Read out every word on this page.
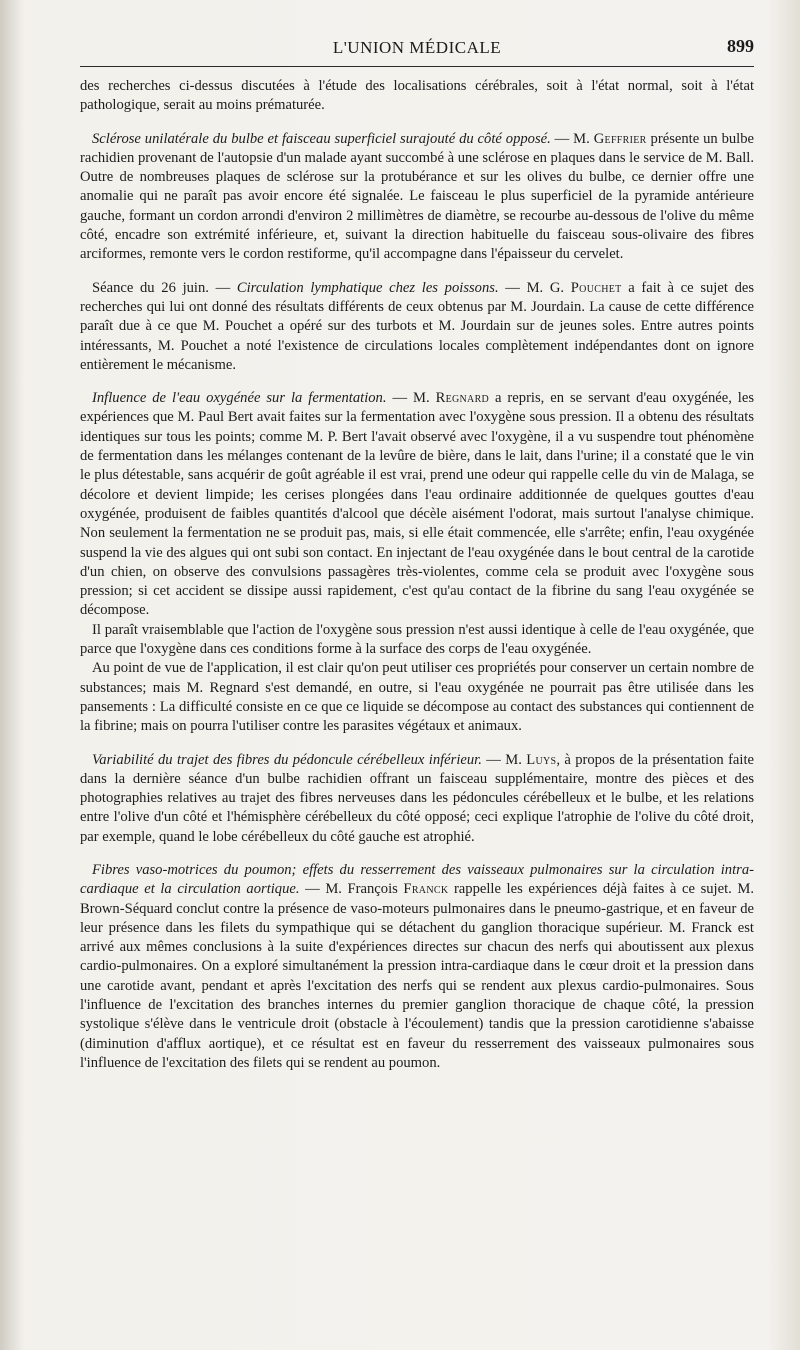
L'UNION MÉDICALE	899

des recherches ci-dessus discutées à l'étude des localisations cérébrales, soit à l'état normal, soit à l'état pathologique, serait au moins prématurée.

Sclérose unilatérale du bulbe et faisceau superficiel surajouté du côté opposé. — M. Geffrier présente un bulbe rachidien provenant de l'autopsie d'un malade ayant succombé à une sclérose en plaques dans le service de M. Ball. Outre de nombreuses plaques de sclérose sur la protubérance et sur les olives du bulbe, ce dernier offre une anomalie qui ne paraît pas avoir encore été signalée. Le faisceau le plus superficiel de la pyramide antérieure gauche, formant un cordon arrondi d'environ 2 millimètres de diamètre, se recourbe au-dessous de l'olive du même côté, encadre son extrémité inférieure, et, suivant la direction habituelle du faisceau sous-olivaire des fibres arciformes, remonte vers le cordon restiforme, qu'il accompagne dans l'épaisseur du cervelet.

Séance du 26 juin. — Circulation lymphatique chez les poissons. — M. G. Pouchet a fait à ce sujet des recherches qui lui ont donné des résultats différents de ceux obtenus par M. Jourdain. La cause de cette différence paraît due à ce que M. Pouchet a opéré sur des turbots et M. Jourdain sur de jeunes soles. Entre autres points intéressants, M. Pouchet a noté l'existence de circulations locales complètement indépendantes dont on ignore entièrement le mécanisme.

Influence de l'eau oxygénée sur la fermentation. — M. Regnard a repris, en se servant d'eau oxygénée, les expériences que M. Paul Bert avait faites sur la fermentation avec l'oxygène sous pression. Il a obtenu des résultats identiques sur tous les points; comme M. P. Bert l'avait observé avec l'oxygène, il a vu suspendre tout phénomène de fermentation dans les mélanges contenant de la levûre de bière, dans le lait, dans l'urine; il a constaté que le vin le plus détestable, sans acquérir de goût agréable il est vrai, prend une odeur qui rappelle celle du vin de Malaga, se décolore et devient limpide; les cerises plongées dans l'eau ordinaire additionnée de quelques gouttes d'eau oxygénée, produisent de faibles quantités d'alcool que décèle aisément l'odorat, mais surtout l'analyse chimique. Non seulement la fermentation ne se produit pas, mais, si elle était commencée, elle s'arrête; enfin, l'eau oxygénée suspend la vie des algues qui ont subi son contact. En injectant de l'eau oxygénée dans le bout central de la carotide d'un chien, on observe des convulsions passagères très-violentes, comme cela se produit avec l'oxygène sous pression; si cet accident se dissipe aussi rapidement, c'est qu'au contact de la fibrine du sang l'eau oxygénée se décompose.

Il paraît vraisemblable que l'action de l'oxygène sous pression n'est aussi identique à celle de l'eau oxygénée, que parce que l'oxygène dans ces conditions forme à la surface des corps de l'eau oxygénée.

Au point de vue de l'application, il est clair qu'on peut utiliser ces propriétés pour conserver un certain nombre de substances; mais M. Regnard s'est demandé, en outre, si l'eau oxygénée ne pourrait pas être utilisée dans les pansements : La difficulté consiste en ce que ce liquide se décompose au contact des substances qui contiennent de la fibrine; mais on pourra l'utiliser contre les parasites végétaux et animaux.

Variabilité du trajet des fibres du pédoncule cérébelleux inférieur. — M. Luys, à propos de la présentation faite dans la dernière séance d'un bulbe rachidien offrant un faisceau supplémentaire, montre des pièces et des photographies relatives au trajet des fibres nerveuses dans les pédoncules cérébelleux et le bulbe, et les relations entre l'olive d'un côté et l'hémisphère cérébelleux du côté opposé; ceci explique l'atrophie de l'olive du côté droit, par exemple, quand le lobe cérébelleux du côté gauche est atrophié.

Fibres vaso-motrices du poumon; effets du resserrement des vaisseaux pulmonaires sur la circulation intra-cardiaque et la circulation aortique. — M. François Franck rappelle les expériences déjà faites à ce sujet. M. Brown-Séquard conclut contre la présence de vaso-moteurs pulmonaires dans le pneumo-gastrique, et en faveur de leur présence dans les filets du sympathique qui se détachent du ganglion thoracique supérieur. M. Franck est arrivé aux mêmes conclusions à la suite d'expériences directes sur chacun des nerfs qui aboutissent aux plexus cardio-pulmonaires. On a exploré simultanément la pression intra-cardiaque dans le cœur droit et la pression dans une carotide avant, pendant et après l'excitation des nerfs qui se rendent aux plexus cardio-pulmonaires. Sous l'influence de l'excitation des branches internes du premier ganglion thoracique de chaque côté, la pression systolique s'élève dans le ventricule droit (obstacle à l'écoulement) tandis que la pression carotidienne s'abaisse (diminution d'afflux aortique), et ce résultat est en faveur du resserrement des vaisseaux pulmonaires sous l'influence de l'excitation des filets qui se rendent au poumon.
